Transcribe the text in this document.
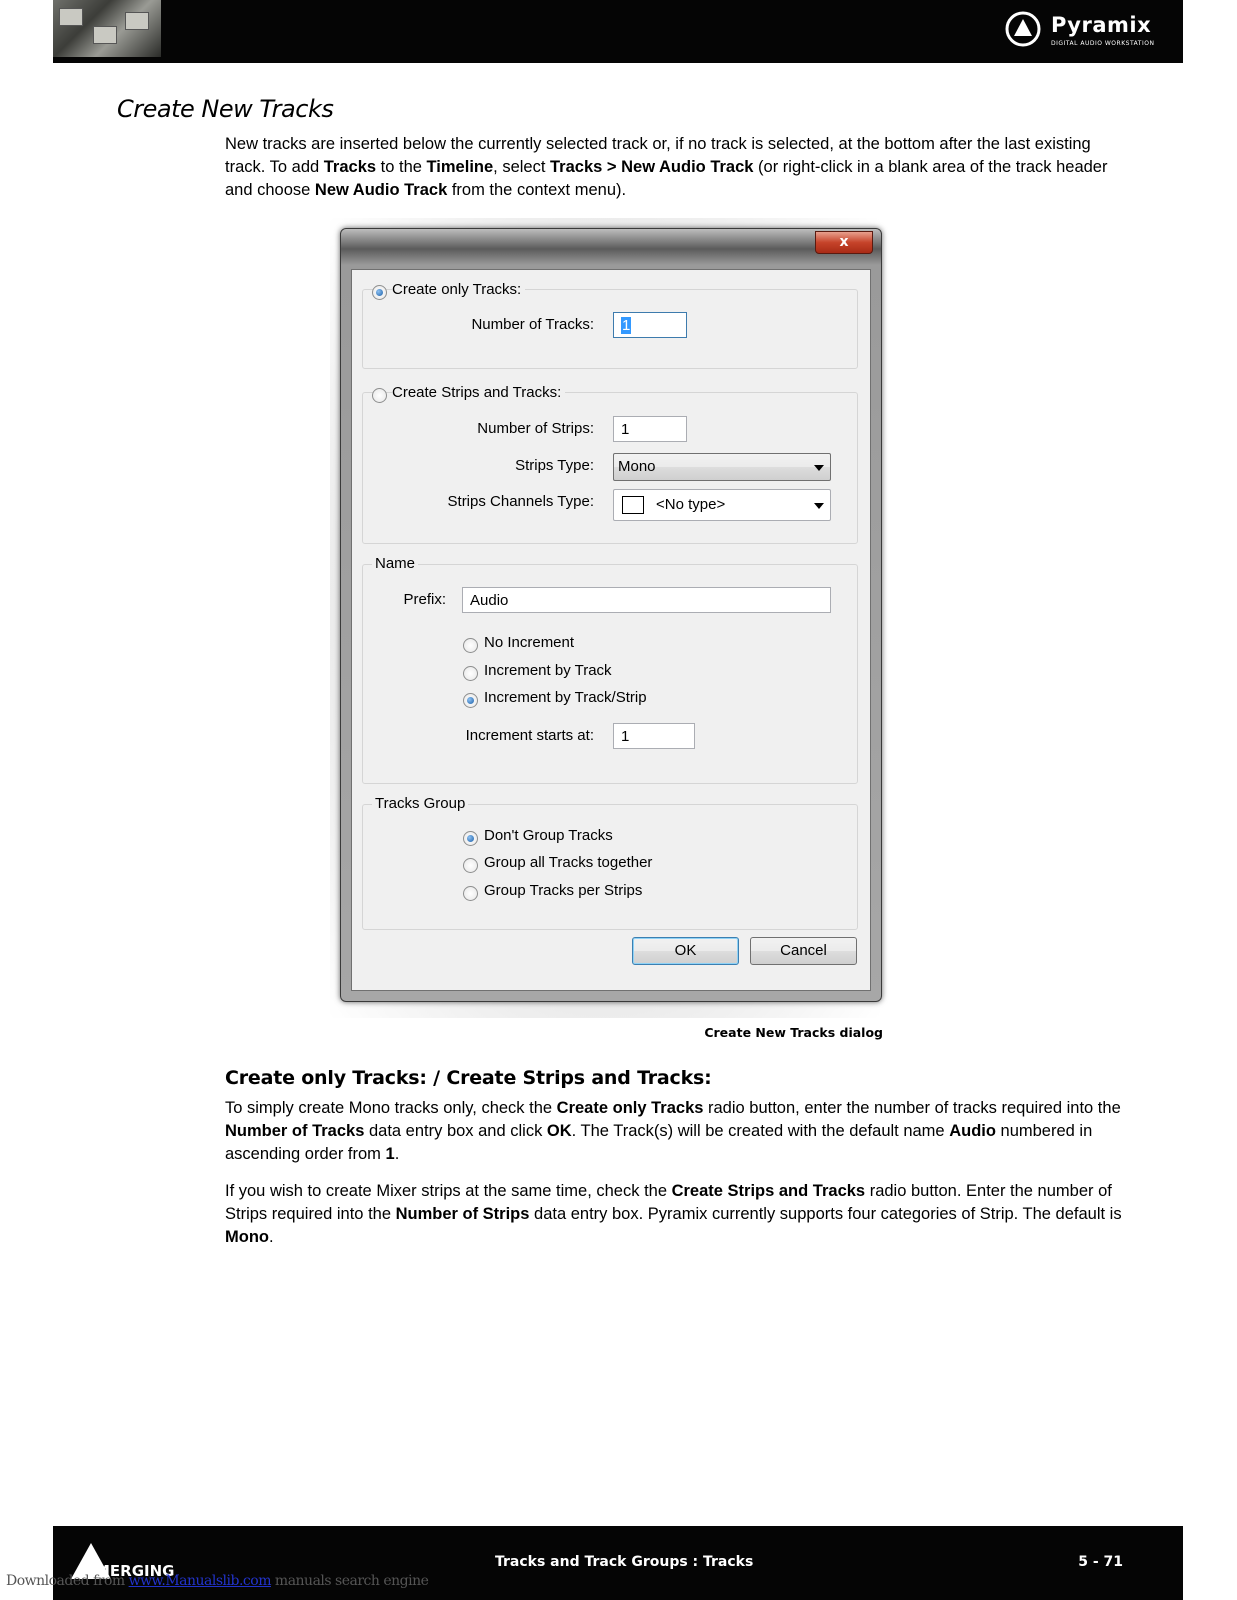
Pyramix
DIGITAL AUDIO WORKSTATION
Create New Tracks

New tracks are inserted below the currently selected track or, if no track is selected, at the bottom after the last existing track. To add Tracks to the Timeline, select Tracks > New Audio Track (or right-click in a blank area of the track header and choose New Audio Track from the context menu).

x
Create only Tracks:
Number of Tracks:	1
Create Strips and Tracks:
Number of Strips:	1
Strips Type:	Mono
Strips Channels Type:	<No type>
Name
Prefix:	Audio
No Increment
Increment by Track
Increment by Track/Strip
Increment starts at:	1
Tracks Group
Don't Group Tracks
Group all Tracks together
Group Tracks per Strips
OK	Cancel
Create New Tracks dialog
Create only Tracks: / Create Strips and Tracks:

To simply create Mono tracks only, check the Create only Tracks radio button, enter the number of tracks required into the Number of Tracks data entry box and click OK. The Track(s) will be created with the default name Audio numbered in ascending order from 1.

If you wish to create Mixer strips at the same time, check the Create Strips and Tracks radio button. Enter the number of Strips required into the Number of Strips data entry box. Pyramix currently supports four categories of Strip. The default is Mono.

MERGING	Tracks and Track Groups : Tracks	5 - 71
Downloaded from www.Manualslib.com manuals search engine
